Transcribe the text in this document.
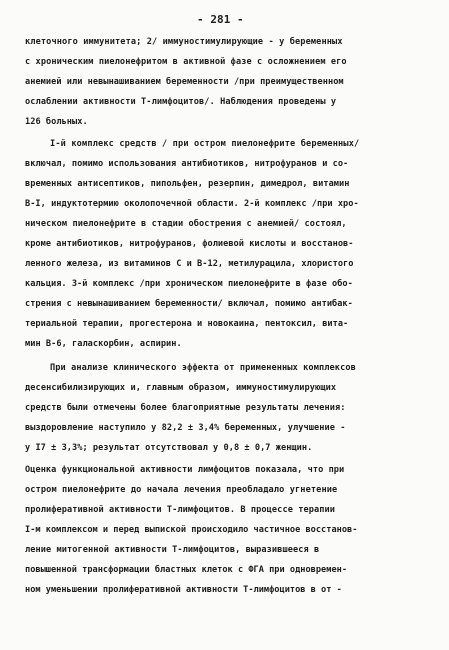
- 281 -
клеточного иммунитета; 2/ иммуностимулирующие - у беременных
с хроническим пиелонефритом в активной фазе с осложнением его
анемией или невынашиванием беременности /при преимущественном
ослаблении активности Т-лимфоцитов/. Наблюдения проведены у
126 больных.
I-й комплекс средств / при остром пиелонефрите беременных/
включал, помимо использования антибиотиков, нитрофуранов и со-
временных антисептиков, пипольфен, резерпин, димедрол, витамин
В-I, индуктотермию околопочечной области. 2-й комплекс /при хро-
ническом пиелонефрите в стадии обострения с анемией/ состоял,
кроме антибиотиков, нитрофуранов, фолиевой кислоты и восстанов-
ленного железа, из витаминов С и В-12, метилурацила, хлористого
кальция. 3-й комплекс /при хроническом пиелонефрите в фазе обо-
стрения с невынашиванием беременности/ включал, помимо антибак-
териальной терапии, прогестерона и новокаина, пентоксил, вита-
мин В-6, галаскорбин, аспирин.
При анализе клинического эффекта от примененных комплексов
десенсибилизирующих и, главным образом, иммуностимулирующих
средств были отмечены более благоприятные результаты лечения:
выздоровление наступило у 82,2 ± 3,4% беременных, улучшение -
у I7 ± 3,3%; результат отсутствовал у 0,8 ± 0,7 женщин.
Оценка функциональной активности лимфоцитов показала, что при
остром пиелонефрите до начала лечения преобладало угнетение
пролиферативной активности Т-лимфоцитов. В процессе терапии
I-м комплексом и перед выпиской происходило частичное восстанов-
ление митогенной активности Т-лимфоцитов, выразившееся в
повышенной трансформации бластных клеток с ФГА при одновремен-
ном уменьшении пролиферативной активности Т-лимфоцитов в от -
